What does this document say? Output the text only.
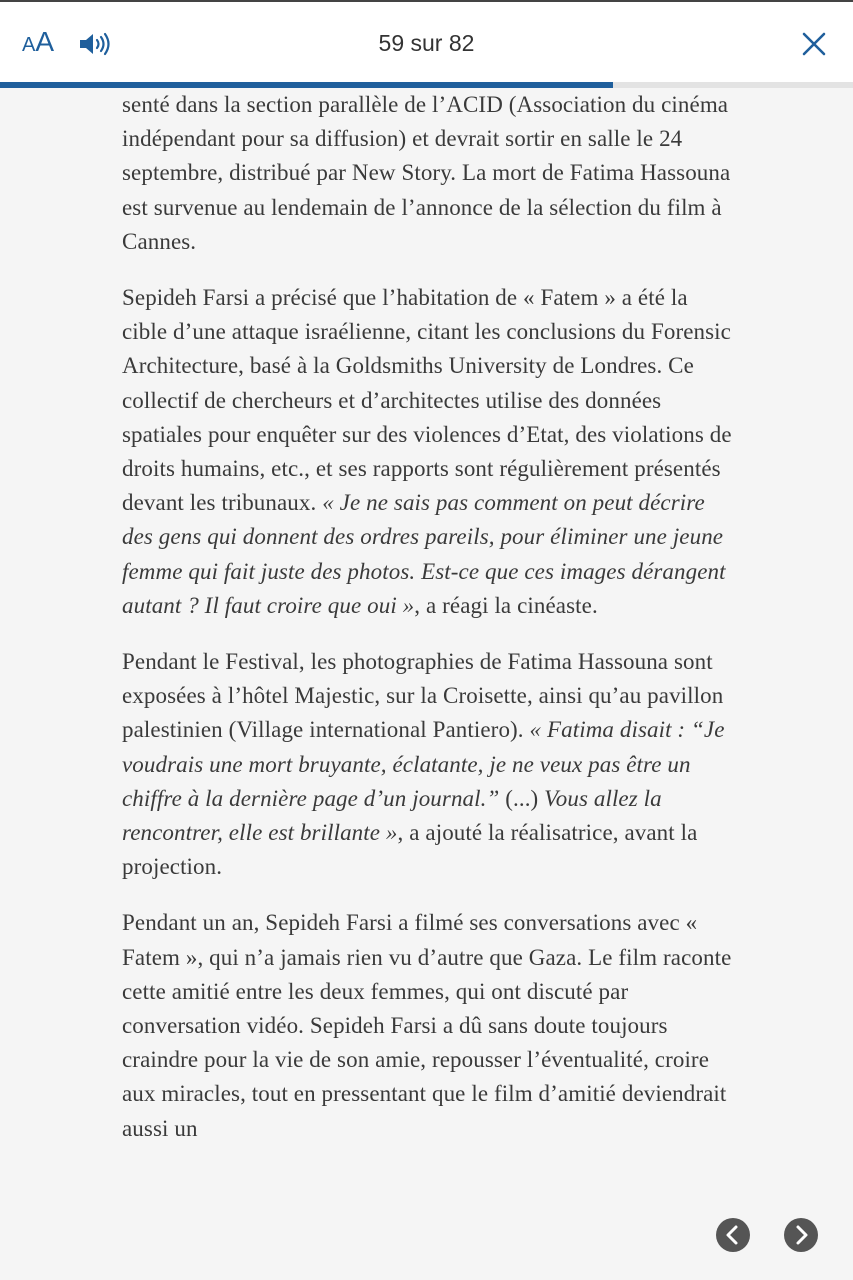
AA	59 sur 82

senté dans la section parallèle de l’ACID (Association du cinéma indépendant pour sa diffusion) et devrait sortir en salle le 24 septembre, distribué par New Story. La mort de Fatima Hassouna est survenue au lendemain de l’annonce de la sélection du film à Cannes.

Sepideh Farsi a précisé que l’habitation de « Fatem » a été la cible d’une attaque israélienne, citant les conclusions du Forensic Architecture, basé à la Goldsmiths University de Londres. Ce collectif de chercheurs et d’architectes utilise des données spatiales pour enquêter sur des violences d’Etat, des violations de droits humains, etc., et ses rapports sont régulièrement présentés devant les tribunaux. « Je ne sais pas comment on peut décrire des gens qui donnent des ordres pareils, pour éliminer une jeune femme qui fait juste des photos. Est-ce que ces images dérangent autant ? Il faut croire que oui », a réagi la cinéaste.

Pendant le Festival, les photographies de Fatima Hassouna sont exposées à l’hôtel Majestic, sur la Croisette, ainsi qu’au pavillon palestinien (Village international Pantiero). « Fatima disait : “Je voudrais une mort bruyante, éclatante, je ne veux pas être un chiffre à la dernière page d’un journal.” (...) Vous allez la rencontrer, elle est brillante », a ajouté la réalisatrice, avant la projection.

Pendant un an, Sepideh Farsi a filmé ses conversations avec « Fatem », qui n’a jamais rien vu d’autre que Gaza. Le film raconte cette amitié entre les deux femmes, qui ont discuté par conversation vidéo. Sepideh Farsi a dû sans doute toujours craindre pour la vie de son amie, repousser l’éventualité, croire aux miracles, tout en pressentant que le film d’amitié deviendrait aussi un
